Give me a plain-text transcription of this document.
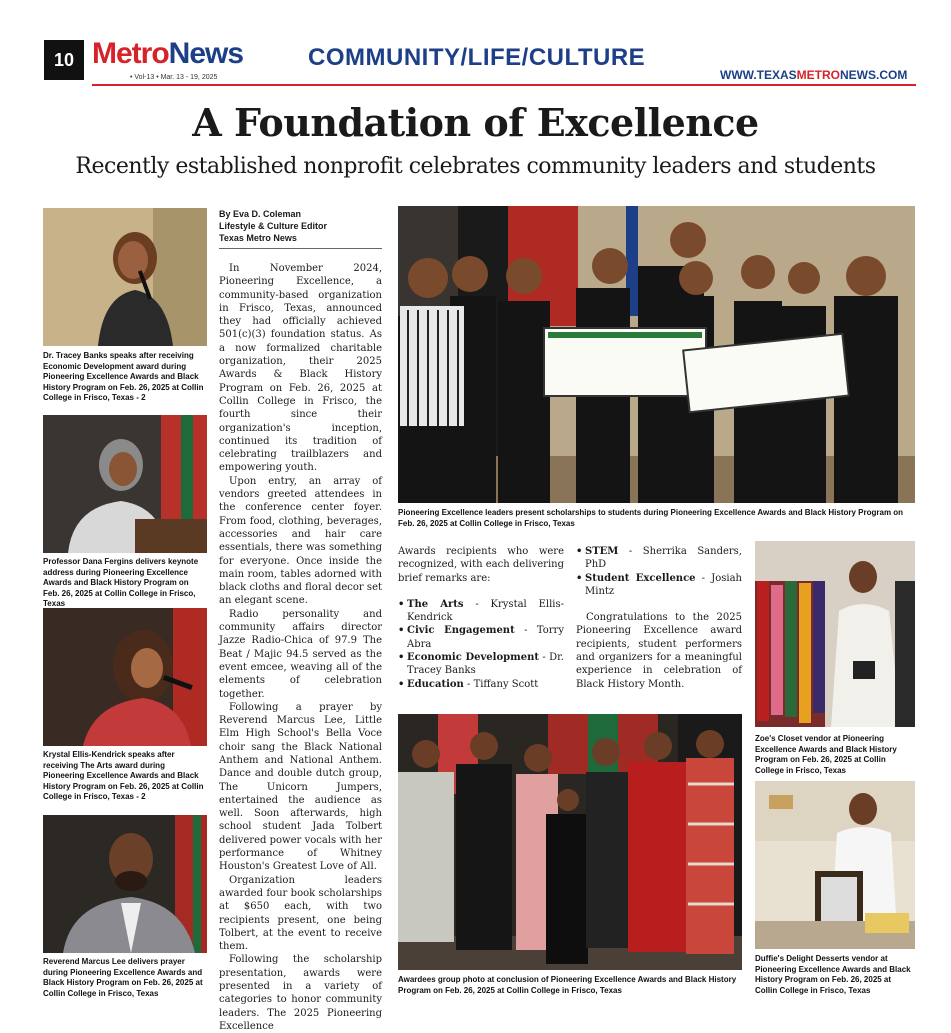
10 MetroNews
• Vol-13 • Mar. 13 - 19, 2025
COMMUNITY/LIFE/CULTURE
WWW.TEXASMETRONEWS.COM
A Foundation of Excellence
Recently established nonprofit celebrates community leaders and students
Dr. Tracey Banks speaks after receiving Economic Development award during Pioneering Excellence Awards and Black History Program on Feb. 26, 2025 at Collin College in Frisco, Texas - 2
Professor Dana Fergins delivers keynote address during Pioneering Excellence Awards and Black History Program on Feb. 26, 2025 at Collin College in Frisco, Texas
Krystal Ellis-Kendrick speaks after receiving The Arts award during Pioneering Excellence Awards and Black History Program on Feb. 26, 2025 at Collin College in Frisco, Texas - 2
Reverend Marcus Lee delivers prayer during Pioneering Excellence Awards and Black History Program on Feb. 26, 2025 at Collin College in Frisco, Texas
By Eva D. Coleman
Lifestyle & Culture Editor
Texas Metro News

In November 2024, Pioneering Excellence, a community-based organization in Frisco, Texas, announced they had officially achieved 501(c)(3) foundation status. As a now formalized charitable organization, their 2025 Awards & Black History Program on Feb. 26, 2025 at Collin College in Frisco, the fourth since their organization's inception, continued its tradition of celebrating trailblazers and empowering youth.

Upon entry, an array of vendors greeted attendees in the conference center foyer. From food, clothing, beverages, accessories and hair care essentials, there was something for everyone. Once inside the main room, tables adorned with black cloths and floral decor set an elegant scene.

Radio personality and community affairs director Jazze Radio-Chica of 97.9 The Beat / Majic 94.5 served as the event emcee, weaving all of the elements of celebration together.

Following a prayer by Reverend Marcus Lee, Little Elm High School's Bella Voce choir sang the Black National Anthem and National Anthem. Dance and double dutch group, The Unicorn Jumpers, entertained the audience as well. Soon afterwards, high school student Jada Tolbert delivered power vocals with her performance of Whitney Houston's Greatest Love of All.

Organization leaders awarded four book scholarships at $650 each, with two recipients present, one being Tolbert, at the event to receive them.

Following the scholarship presentation, awards were presented in a variety of categories to honor community leaders. The 2025 Pioneering Excellence

Pioneering Excellence leaders present scholarships to students during Pioneering Excellence Awards and Black History Program on Feb. 26, 2025 at Collin College in Frisco, Texas

Awards recipients who were recognized, with each delivering brief remarks are:

• The Arts - Krystal Ellis-Kendrick
• Civic Engagement - Torry Abra
• Economic Development - Dr. Tracey Banks
• Education - Tiffany Scott
• STEM - Sherrika Sanders, PhD
• Student Excellence - Josiah Mintz

Congratulations to the 2025 Pioneering Excellence award recipients, student performers and organizers for a meaningful experience in celebration of Black History Month.

Awardees group photo at conclusion of Pioneering Excellence Awards and Black History Program on Feb. 26, 2025 at Collin College in Frisco, Texas
Zoe's Closet vendor at Pioneering Excellence Awards and Black History Program on Feb. 26, 2025 at Collin College in Frisco, Texas
Duffie's Delight Desserts vendor at Pioneering Excellence Awards and Black History Program on Feb. 26, 2025 at Collin College in Frisco, Texas
